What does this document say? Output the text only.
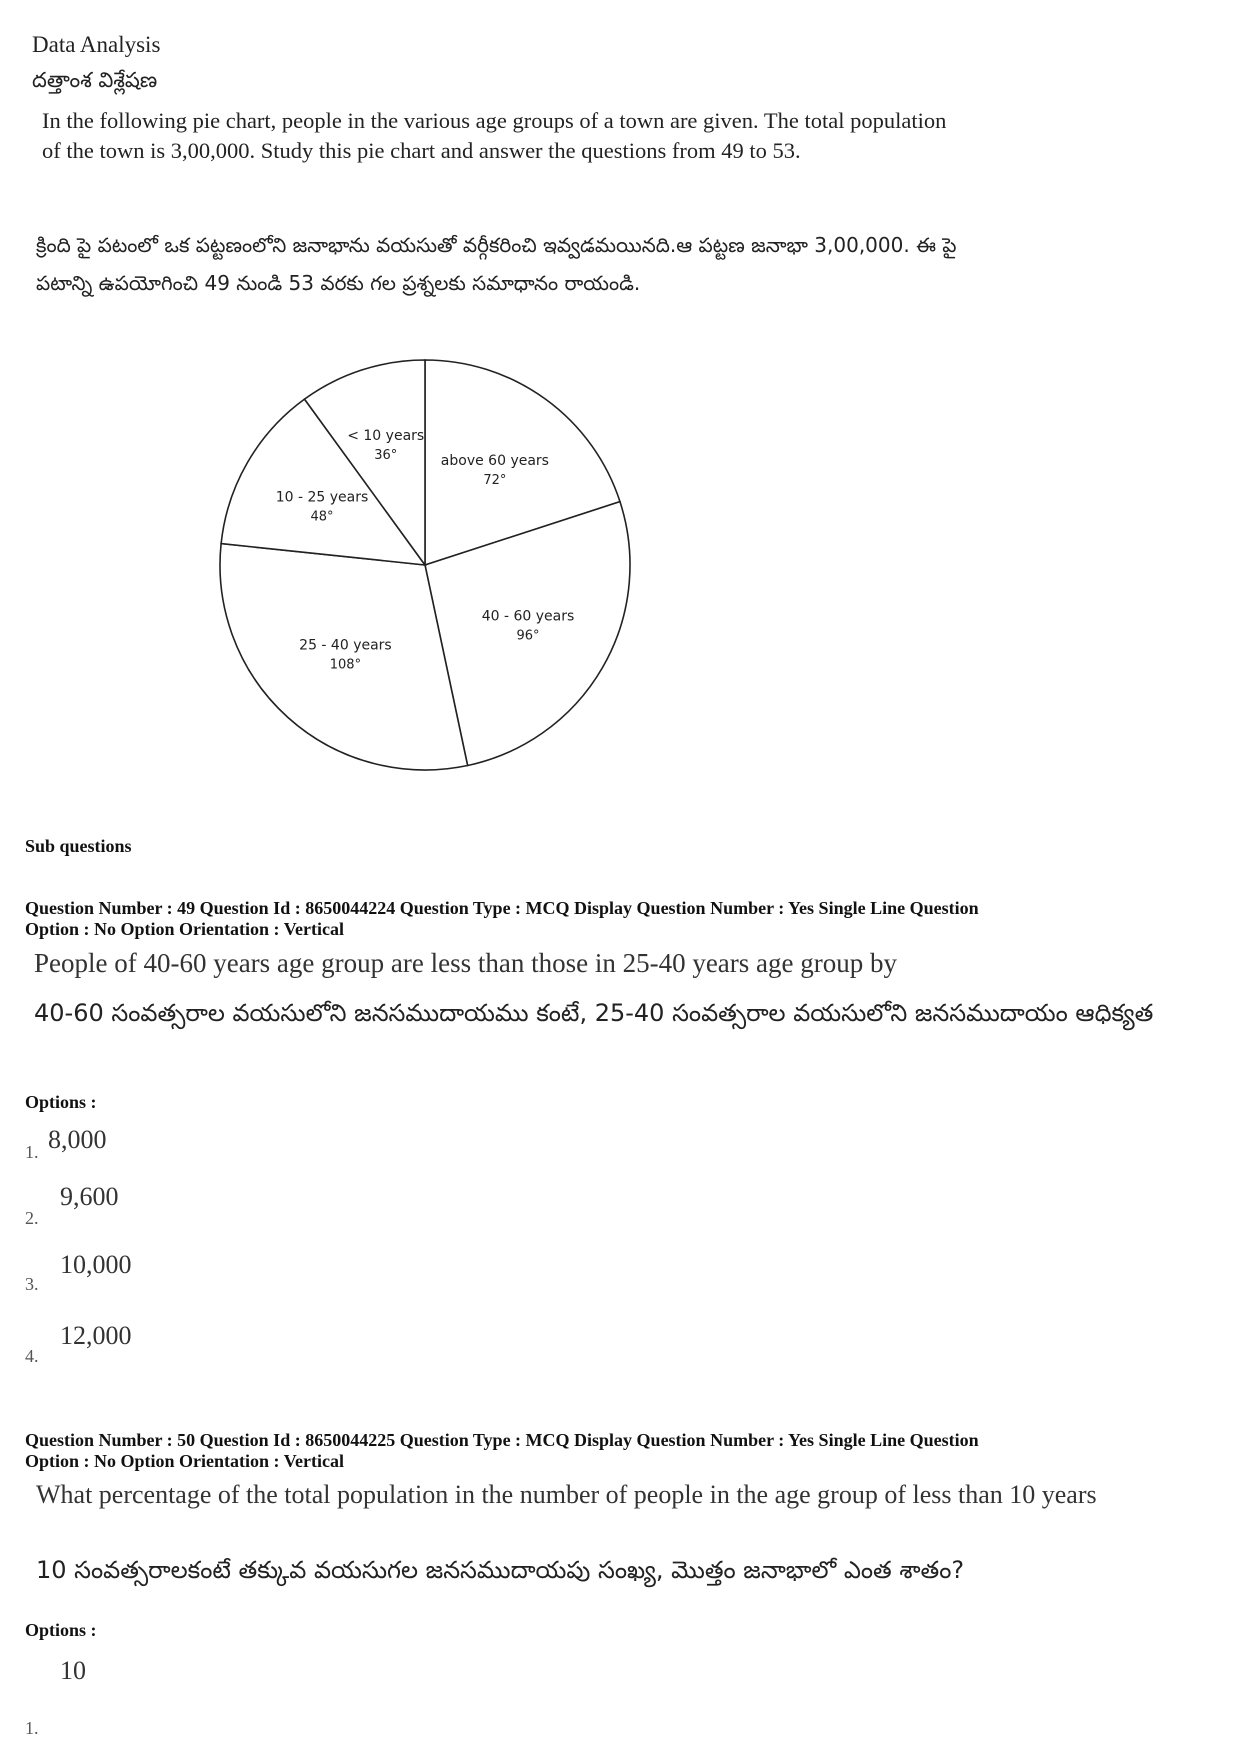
Data Analysis
దత్తాంశ విశ్లేషణ
In the following pie chart, people in the various age groups of a town are given. The total population of the town is 3,00,000. Study this pie chart and answer the questions from 49 to 53.
క్రింది పై పటంలో ఒక పట్టణంలోని జనాభాను వయసుతో వర్గీకరించి ఇవ్వడమయినది.ఆ పట్టణ జనాభా 3,00,000. ఈ పై పటాన్ని ఉపయోగించి 49 నుండి 53 వరకు గల ప్రశ్నలకు సమాధానం రాయండి.
above 60 years
72°
40 - 60 years
96°
25 - 40 years
108°
10 - 25 years
48°
< 10 years
36°
Sub questions
Question Number : 49 Question Id : 8650044224 Question Type : MCQ Display Question Number : Yes Single Line Question
Option : No Option Orientation : Vertical
People of 40-60 years age group are less than those in 25-40 years age group by
40-60 సంవత్సరాల వయసులోని జనసముదాయము కంటే, 25-40 సంవత్సరాల వయసులోని జనసముదాయం ఆధిక్యత
Options :
1. 8,000
2.
9,600
3.
10,000
4.
12,000
Question Number : 50 Question Id : 8650044225 Question Type : MCQ Display Question Number : Yes Single Line Question
Option : No Option Orientation : Vertical
What percentage of the total population in the number of people in the age group of less than 10 years
10 సంవత్సరాలకంటే తక్కువ వయసుగల జనసముదాయపు సంఖ్య, మొత్తం జనాభాలో ఎంత శాతం?
Options :
1.
10
